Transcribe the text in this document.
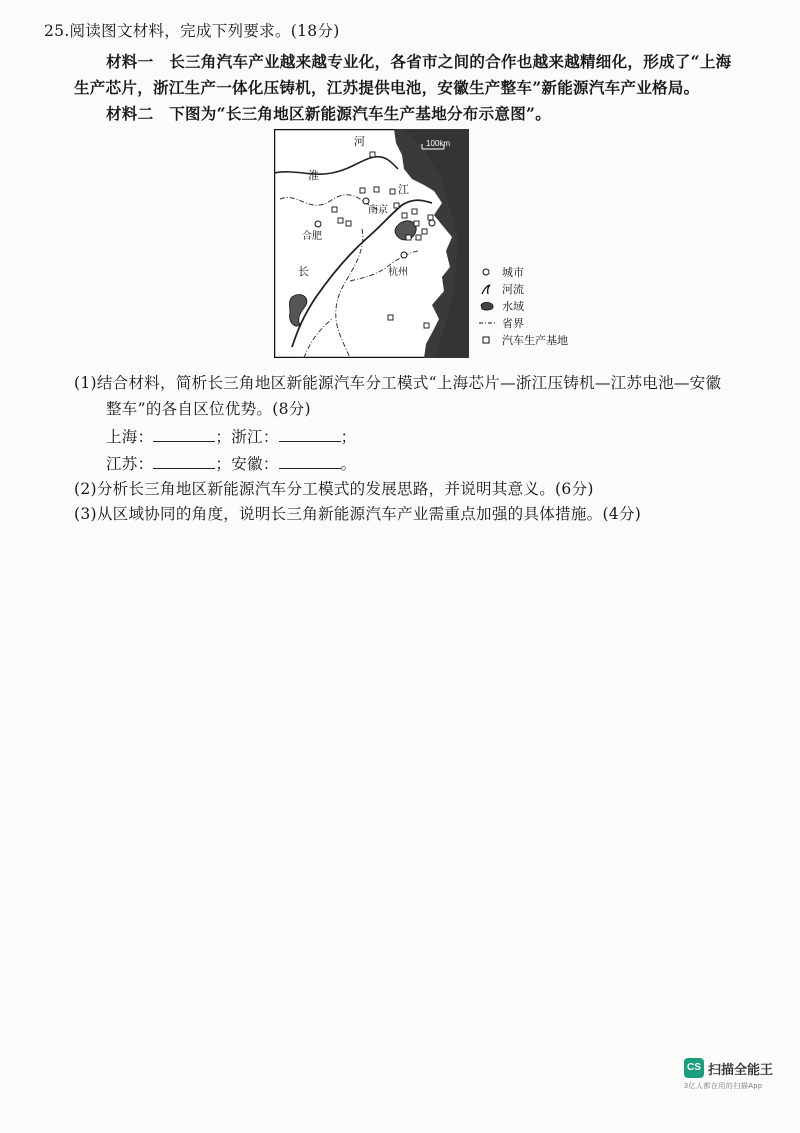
25.阅读图文材料，完成下列要求。(18分)
材料一　长三角汽车产业越来越专业化，各省市之间的合作也越来越精细化，形成了“上海
生产芯片，浙江生产一体化压铸机，江苏提供电池，安徽生产整车”新能源汽车产业格局。
材料二　下图为“长三角地区新能源汽车生产基地分布示意图”。
100km
河
淮
江
南京
合肥
长	杭州
上海
城市
河流
水域
省界
汽车生产基地
(1)结合材料，简析长三角地区新能源汽车分工模式“上海芯片—浙江压铸机—江苏电池—安徽
整车”的各自区位优势。(8分)
上海：	；浙江：	；
江苏：	；安徽：	。
(2)分析长三角地区新能源汽车分工模式的发展思路，并说明其意义。(6分)
(3)从区域协同的角度，说明长三角新能源汽车产业需重点加强的具体措施。(4分)
CS 扫描全能王
3亿人都在用的扫描App
